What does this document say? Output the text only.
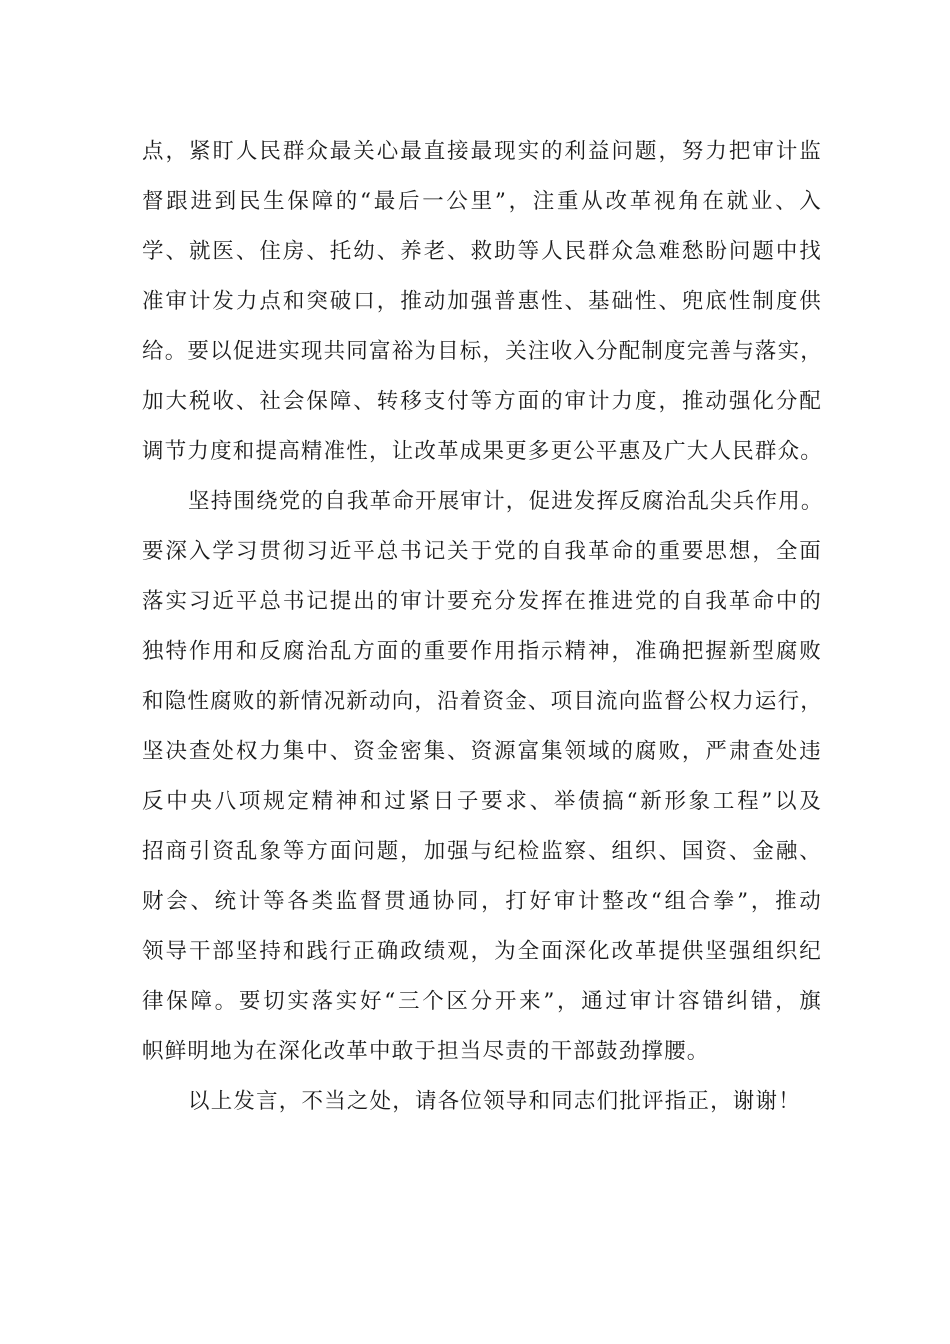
点，紧盯人民群众最关心最直接最现实的利益问题，努力把审计监
督跟进到民生保障的“最后一公里”，注重从改革视角在就业、入
学、就医、住房、托幼、养老、救助等人民群众急难愁盼问题中找
准审计发力点和突破口，推动加强普惠性、基础性、兜底性制度供
给。要以促进实现共同富裕为目标，关注收入分配制度完善与落实，
加大税收、社会保障、转移支付等方面的审计力度，推动强化分配
调节力度和提高精准性，让改革成果更多更公平惠及广大人民群众。
坚持围绕党的自我革命开展审计，促进发挥反腐治乱尖兵作用。
要深入学习贯彻习近平总书记关于党的自我革命的重要思想，全面
落实习近平总书记提出的审计要充分发挥在推进党的自我革命中的
独特作用和反腐治乱方面的重要作用指示精神，准确把握新型腐败
和隐性腐败的新情况新动向，沿着资金、项目流向监督公权力运行，
坚决查处权力集中、资金密集、资源富集领域的腐败，严肃查处违
反中央八项规定精神和过紧日子要求、举债搞“新形象工程”以及
招商引资乱象等方面问题，加强与纪检监察、组织、国资、金融、
财会、统计等各类监督贯通协同，打好审计整改“组合拳”，推动
领导干部坚持和践行正确政绩观，为全面深化改革提供坚强组织纪
律保障。要切实落实好“三个区分开来”，通过审计容错纠错，旗
帜鲜明地为在深化改革中敢于担当尽责的干部鼓劲撑腰。
以上发言，不当之处，请各位领导和同志们批评指正，谢谢！
